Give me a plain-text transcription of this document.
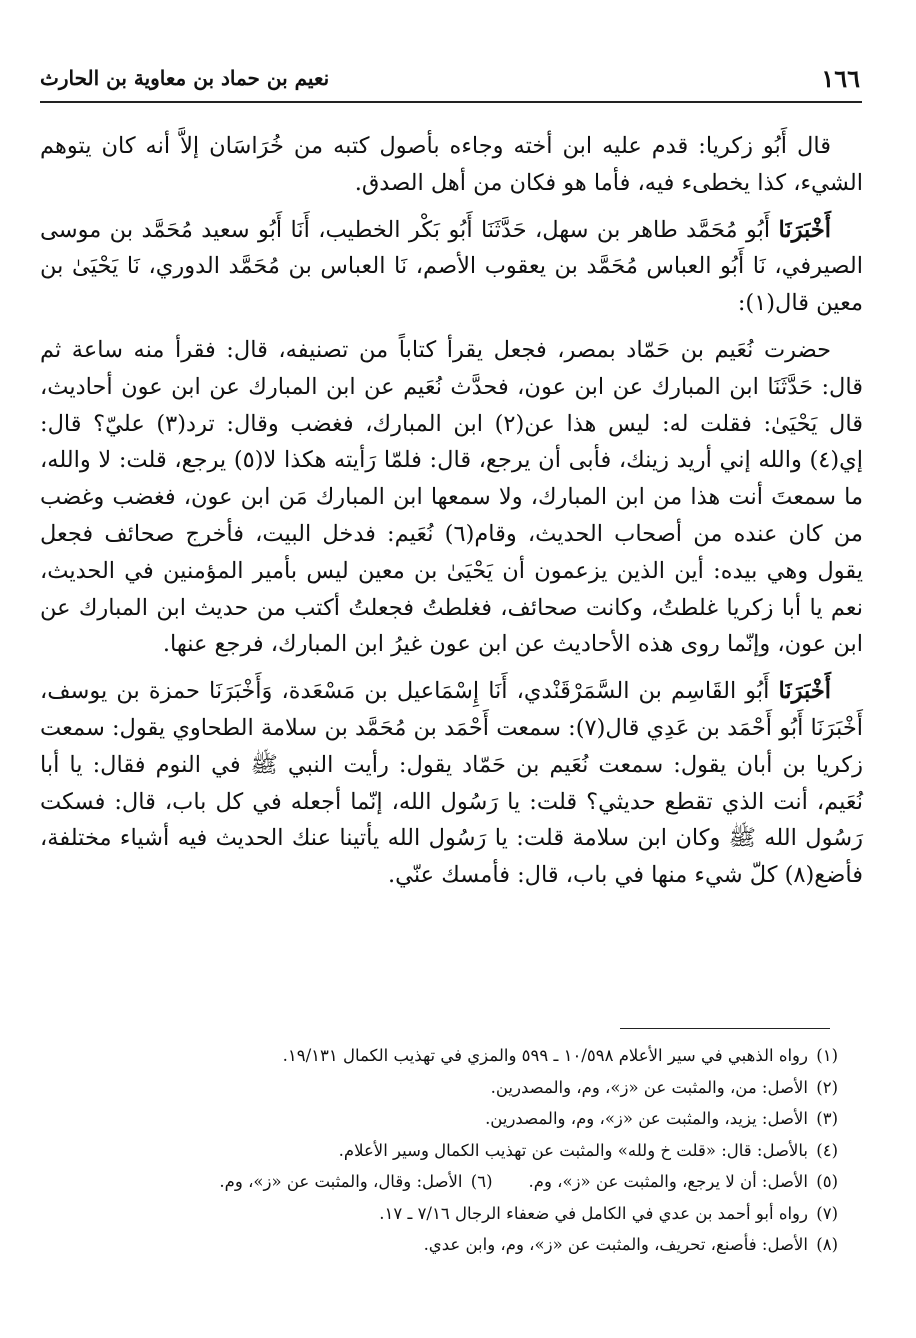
١٦٦
نعيم بن حماد بن معاوية بن الحارث

قال أَبُو زكريا: قدم عليه ابن أخته وجاءه بأصول كتبه من خُرَاسَان إلاَّ أنه كان يتوهم الشيء، كذا يخطىء فيه، فأما هو فكان من أهل الصدق.

أَخْبَرَنَا أَبُو مُحَمَّد طاهر بن سهل، حَدَّثَنَا أَبُو بَكْر الخطيب، أَنَا أَبُو سعيد مُحَمَّد بن موسى الصيرفي، نَا أَبُو العباس مُحَمَّد بن يعقوب الأصم، نَا العباس بن مُحَمَّد الدوري، نَا يَحْيَىٰ بن معين قال(١):

حضرت نُعَيم بن حَمّاد بمصر، فجعل يقرأ كتاباً من تصنيفه، قال: فقرأ منه ساعة ثم قال: حَدَّثَنَا ابن المبارك عن ابن عون، فحدَّث نُعَيم عن ابن المبارك عن ابن عون أحاديث، قال يَحْيَىٰ: فقلت له: ليس هذا عن(٢) ابن المبارك، فغضب وقال: ترد(٣) عليّ؟ قال: إي(٤) والله إني أريد زينك، فأبى أن يرجع، قال: فلمّا رَأيته هكذا لا(٥) يرجع، قلت: لا والله، ما سمعتَ أنت هذا من ابن المبارك، ولا سمعها ابن المبارك مَن ابن عون، فغضب وغضب من كان عنده من أصحاب الحديث، وقام(٦) نُعَيم: فدخل البيت، فأخرج صحائف فجعل يقول وهي بيده: أين الذين يزعمون أن يَحْيَىٰ بن معين ليس بأمير المؤمنين في الحديث، نعم يا أبا زكريا غلطتُ، وكانت صحائف، فغلطتُ فجعلتُ أكتب من حديث ابن المبارك عن ابن عون، وإنّما روى هذه الأحاديث عن ابن عون غيرُ ابن المبارك، فرجع عنها.

أَخْبَرَنَا أَبُو القَاسِم بن السَّمَرْقَنْدي، أَنَا إِسْمَاعيل بن مَسْعَدة، وَأَخْبَرَنَا حمزة بن يوسف، أَخْبَرَنَا أَبُو أَحْمَد بن عَدِي قال(٧): سمعت أَحْمَد بن مُحَمَّد بن سلامة الطحاوي يقول: سمعت زكريا بن أبان يقول: سمعت نُعَيم بن حَمّاد يقول: رأيت النبي ﷺ في النوم فقال: يا أبا نُعَيم، أنت الذي تقطع حديثي؟ قلت: يا رَسُول الله، إنّما أجعله في كل باب، قال: فسكت رَسُول الله ﷺ وكان ابن سلامة قلت: يا رَسُول الله يأتينا عنك الحديث فيه أشياء مختلفة، فأضع(٨) كلّ شيء منها في باب، قال: فأمسك عنّي.

(١)رواه الذهبي في سير الأعلام ١٠/٥٩٨ ـ ٥٩٩ والمزي في تهذيب الكمال ١٩/١٣١.
(٢)الأصل: من، والمثبت عن «ز»، وم، والمصدرين.
(٣)الأصل: يزيد، والمثبت عن «ز»، وم، والمصدرين.
(٤)بالأصل: قال: «قلت خ ولله» والمثبت عن تهذيب الكمال وسير الأعلام.
(٥)الأصل: أن لا يرجع، والمثبت عن «ز»، وم.(٦)الأصل: وقال، والمثبت عن «ز»، وم.
(٧)رواه أبو أحمد بن عدي في الكامل في ضعفاء الرجال ٧/١٦ ـ ١٧.
(٨)الأصل: فأصنع، تحريف، والمثبت عن «ز»، وم، وابن عدي.
